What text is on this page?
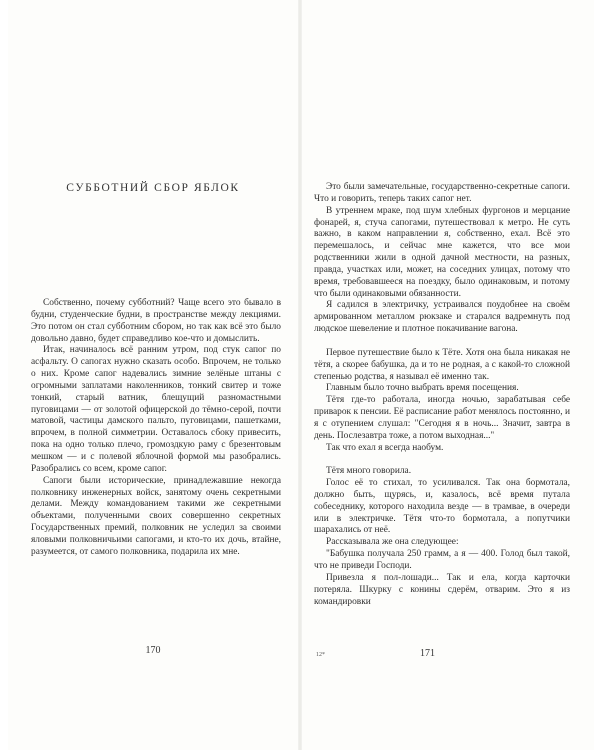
СУББОТНИЙ СБОР ЯБЛОК

Собственно, почему субботний? Чаще всего это бывало в будни, студенческие будни, в пространстве между лекциями. Это потом он стал субботним сбором, но так как всё это было довольно давно, будет справедливо кое-что и домыслить.

Итак, начиналось всё ранним утром, под стук сапог по асфальту. О сапогах нужно сказать особо. Впрочем, не только о них. Кроме сапог надевались зимние зелёные штаны с огромными заплатами наколенников, тонкий свитер и тоже тонкий, старый ватник, блещущий разномастными пуговицами — от золотой офицерской до тёмно-серой, почти матовой, частицы дамского пальто, пуговицами, пашетками, впрочем, в полной симметрии. Оставалось сбоку привесить, пока на одно только плечо, громоздкую раму с брезентовым мешком — и с полевой яблочной формой мы разобрались. Разобрались со всем, кроме сапог.

Сапоги были исторические, принадлежавшие некогда полковнику инженерных войск, занятому очень секретными делами. Между командованием такими же секретными объектами, полученными своих совершенно секретных Государственных премий, полковник не уследил за своими яловыми полковничьими сапогами, и кто-то их дочь, втайне, разумеется, от самого полковника, подарила их мне.

170

Это были замечательные, государственно-секретные сапоги. Что и говорить, теперь таких сапог нет.

В утреннем мраке, под шум хлебных фургонов и мерцание фонарей, я, стуча сапогами, путешествовал к метро. Не суть важно, в каком направлении я, собственно, ехал. Всё это перемешалось, и сейчас мне кажется, что все мои родственники жили в одной дачной местности, на разных, правда, участках или, может, на соседних улицах, потому что время, требовавшееся на поездку, было одинаковым, и потому что были одинаковыми обязанности.

Я садился в электричку, устраивался поудобнее на своём армированном металлом рюкзаке и старался вадремнуть под людское шевеление и плотное покачивание вагона.

Первое путешествие было к Тёте. Хотя она была никакая не тётя, а скорее бабушка, да и то не родная, а с какой-то сложной степенью родства, я называл её именно так.

Главным было точно выбрать время посещения.

Тётя где-то работала, иногда ночью, зарабатывая себе приварок к пенсии. Её расписание работ менялось постоянно, и я с отупением слушал: "Сегодня я в ночь... Значит, завтра в день. Послезавтра тоже, а потом выходная..."

Так что ехал я всегда наобум.

Тётя много говорила.

Голос её то стихал, то усиливался. Так она бормотала, должно быть, щурясь, и, казалось, всё время путала собеседнику, которого находила везде — в трамвае, в очереди или в электричке. Тётя что-то бормотала, а попутчики шарахались от неё.

Рассказывала же она следующее:

"Бабушка получала 250 грамм, а я — 400. Голод был такой, что не приведи Господи.

Привезла я пол-лошади... Так и ела, когда карточки потеряла. Шкурку с конины сдерём, отварим. Это я из командировки

12*	171
